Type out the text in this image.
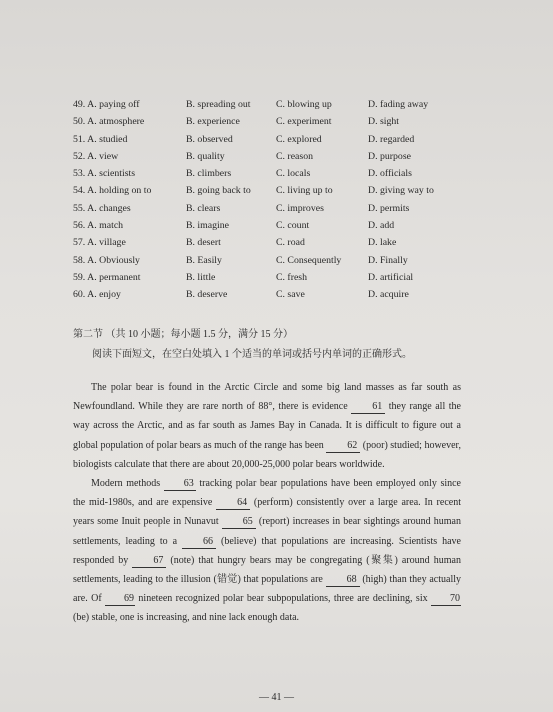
49. A. paying off	B. spreading out	C. blowing up	D. fading away
50. A. atmosphere	B. experience	C. experiment	D. sight
51. A. studied	B. observed	C. explored	D. regarded
52. A. view	B. quality	C. reason	D. purpose
53. A. scientists	B. climbers	C. locals	D. officials
54. A. holding on to	B. going back to	C. living up to	D. giving way to
55. A. changes	B. clears	C. improves	D. permits
56. A. match	B. imagine	C. count	D. add
57. A. village	B. desert	C. road	D. lake
58. A. Obviously	B. Easily	C. Consequently	D. Finally
59. A. permanent	B. little	C. fresh	D. artificial
60. A. enjoy	B. deserve	C. save	D. acquire
第二节 （共 10 小题；每小题 1.5 分，满分 15 分）
阅读下面短文，在空白处填入 1 个适当的单词或括号内单词的正确形式。

The polar bear is found in the Arctic Circle and some big land masses as far south as Newfoundland. While they are rare north of 88°, there is evidence 61 they range all the way across the Arctic, and as far south as James Bay in Canada. It is difficult to figure out a global population of polar bears as much of the range has been 62 (poor) studied; however, biologists calculate that there are about 20,000-25,000 polar bears worldwide.

Modern methods 63 tracking polar bear populations have been employed only since the mid-1980s, and are expensive 64 (perform) consistently over a large area. In recent years some Inuit people in Nunavut 65 (report) increases in bear sightings around human settlements, leading to a 66 (believe) that populations are increasing. Scientists have responded by 67 (note) that hungry bears may be congregating (聚集) around human settlements, leading to the illusion (错觉) that populations are 68 (high) than they actually are. Of 69 nineteen recognized polar bear subpopulations, three are declining, six 70 (be) stable, one is increasing, and nine lack enough data.

— 41 —
